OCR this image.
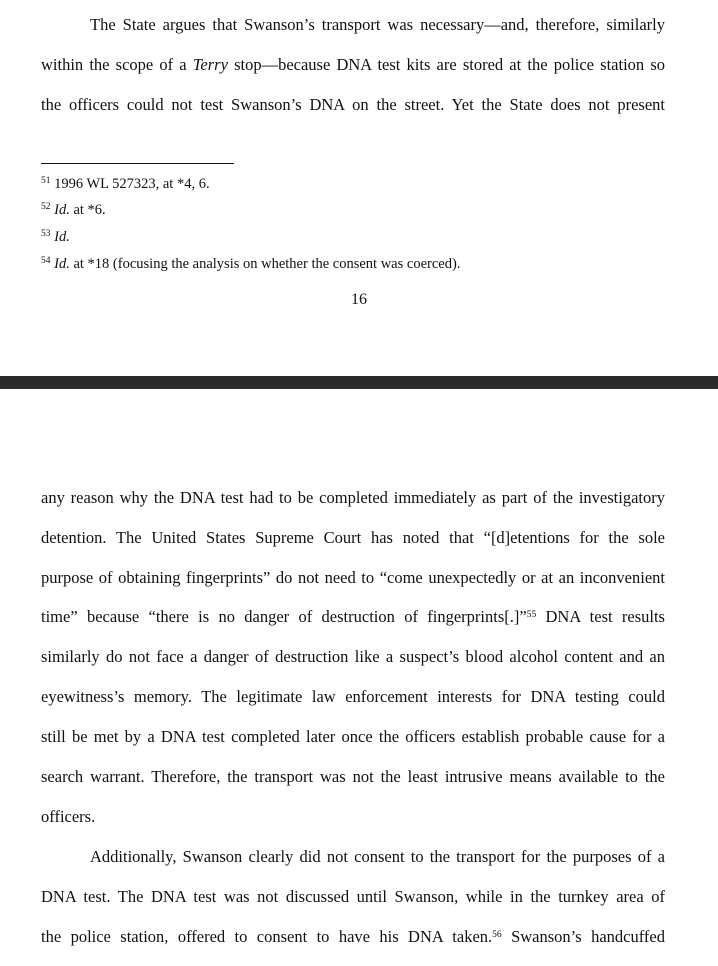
The State argues that Swanson’s transport was necessary—and, therefore, similarly
within the scope of a Terry stop—because DNA test kits are stored at the police station so
the officers could not test Swanson’s DNA on the street. Yet the State does not present
$^{51}$ 1996 WL 527323, at *4, 6.
$^{52}$ Id. at *6.
$^{53}$ Id.
$^{54}$ Id. at *18 (focusing the analysis on whether the consent was coerced).
16
any reason why the DNA test had to be completed immediately as part of the investigatory
detention. The United States Supreme Court has noted that “[d]etentions for the sole
purpose of obtaining fingerprints” do not need to “come unexpectedly or at an inconvenient
time” because “there is no danger of destruction of fingerprints[.]”$^{55}$ DNA test results
similarly do not face a danger of destruction like a suspect’s blood alcohol content and an
eyewitness’s memory. The legitimate law enforcement interests for DNA testing could
still be met by a DNA test completed later once the officers establish probable cause for a
search warrant. Therefore, the transport was not the least intrusive means available to the
officers.
Additionally, Swanson clearly did not consent to the transport for the purposes of a
DNA test. The DNA test was not discussed until Swanson, while in the turnkey area of
the police station, offered to consent to have his DNA taken.$^{56}$ Swanson’s handcuffed
